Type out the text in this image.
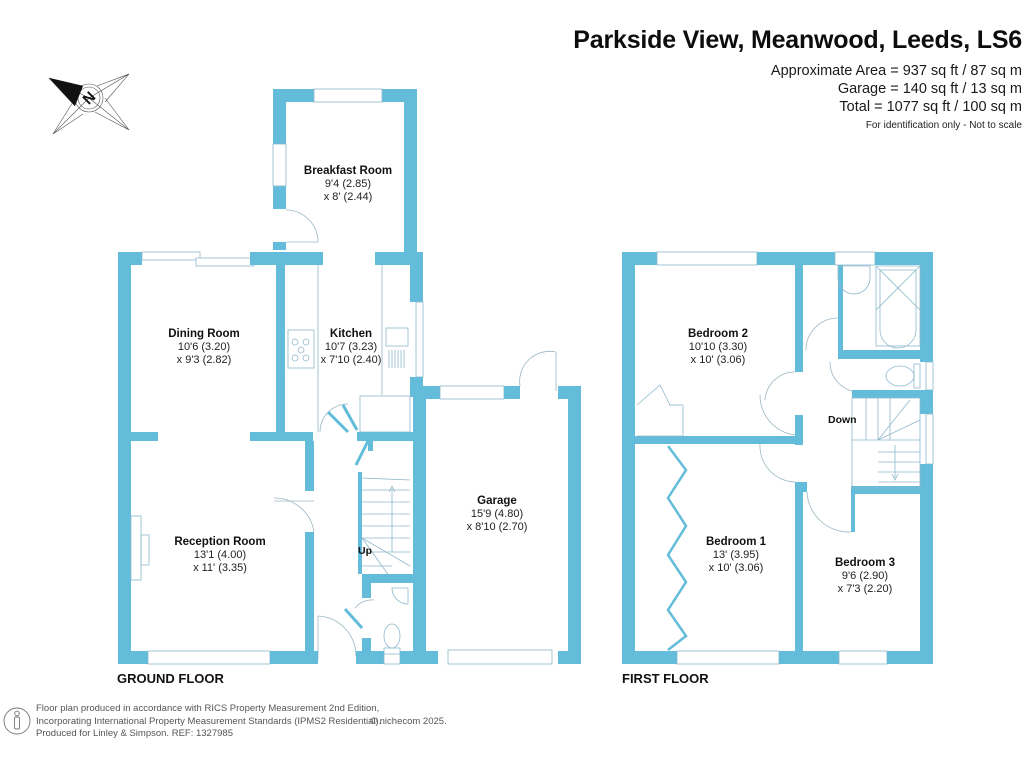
Parkside View, Meanwood, Leeds, LS6
Approximate Area = 937 sq ft / 87 sq m
Garage = 140 sq ft / 13 sq m
Total = 1077 sq ft / 100 sq m
For identification only - Not to scale
N
Breakfast Room
9'4 (2.85)
x 8' (2.44)
Dining Room
10'6 (3.20)
x 9'3 (2.82)
Kitchen
10'7 (3.23)
x 7'10 (2.40)
Reception Room
13'1 (4.00)
x 11' (3.35)
Garage
15'9 (4.80)
x 8'10 (2.70)
Up
Bedroom 2
10'10 (3.30)
x 10' (3.06)
Bedroom 1
13' (3.95)
x 10' (3.06)	Bedroom 3
9'6 (2.90)
x 7'3 (2.20)
Down
GROUND FLOOR	FIRST FLOOR
Floor plan produced in accordance with RICS Property Measurement 2nd Edition,
Incorporating International Property Measurement Standards (IPMS2 Residential).
Produced for Linley & Simpson. REF: 1327985
© nichecom 2025.
